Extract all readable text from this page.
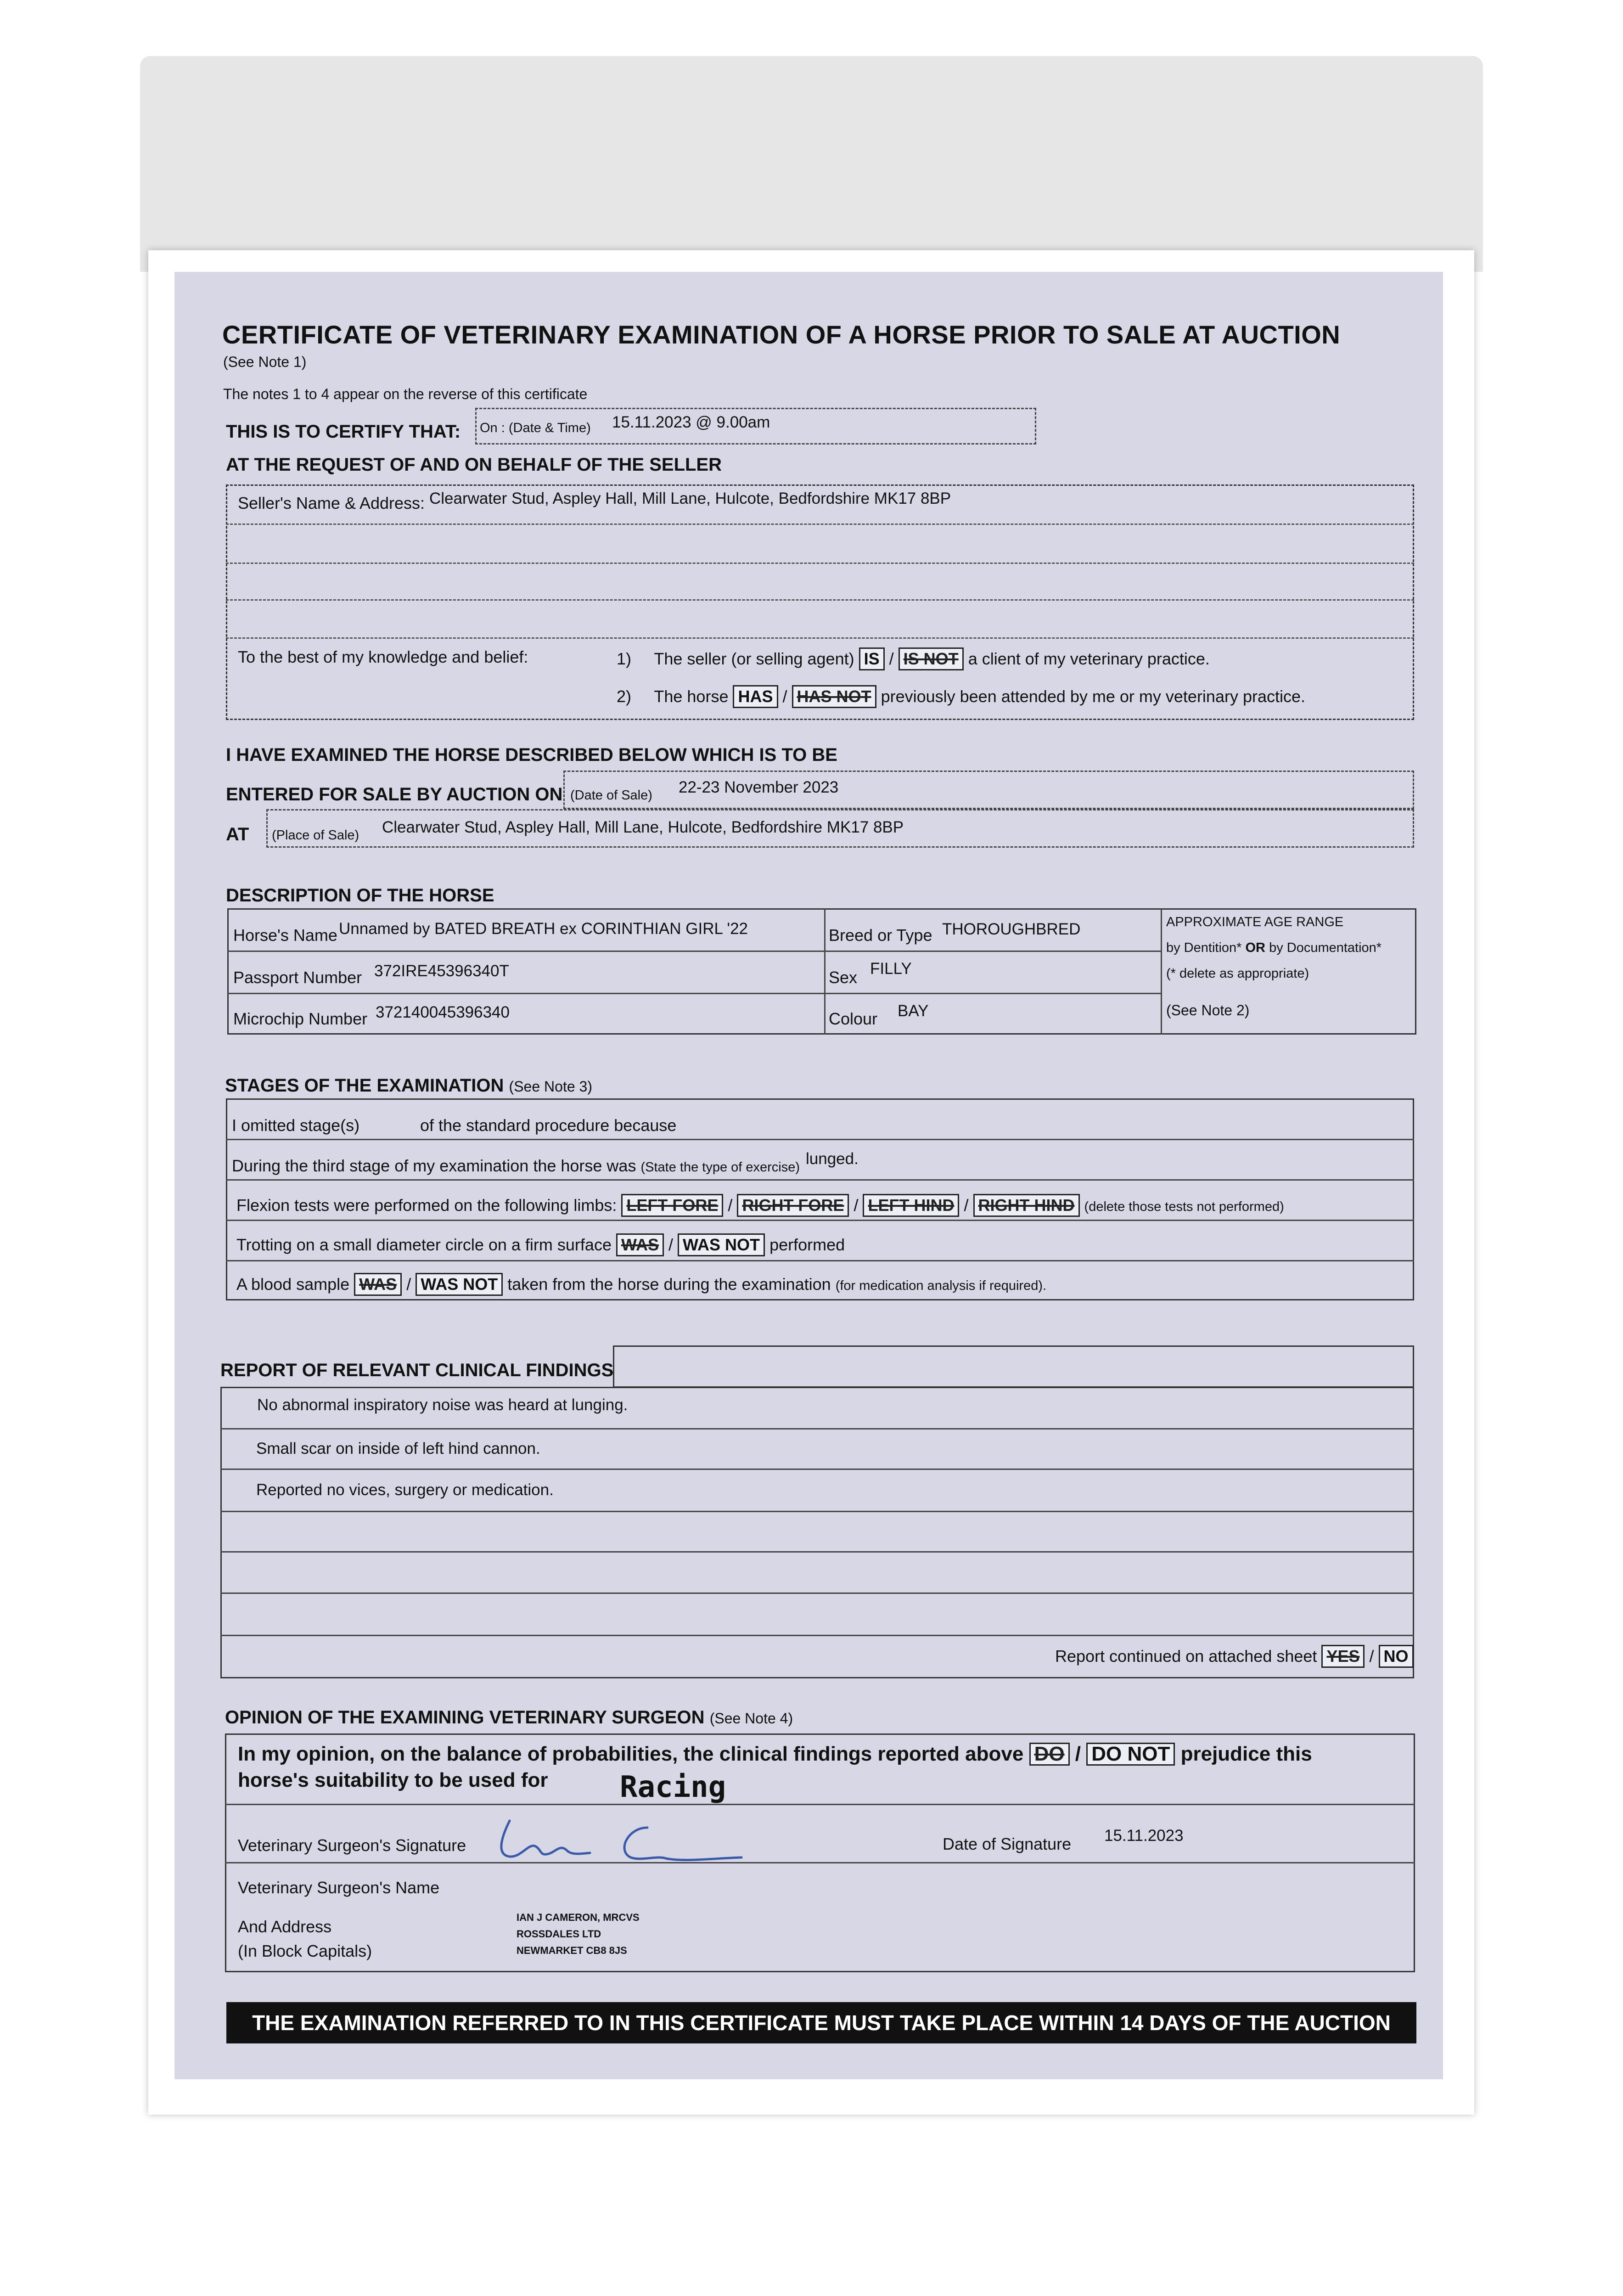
CERTIFICATE OF VETERINARY EXAMINATION OF A HORSE PRIOR TO SALE AT AUCTION
(See Note 1)
The notes 1 to 4 appear on the reverse of this certificate
THIS IS TO CERTIFY THAT: On : (Date & Time) 15.11.2023 @ 9.00am
AT THE REQUEST OF AND ON BEHALF OF THE SELLER
Seller's Name & Address: Clearwater Stud, Aspley Hall, Mill Lane, Hulcote, Bedfordshire MK17 8BP
To the best of my knowledge and belief:	1) The seller (or selling agent) IS / IS NOT a client of my veterinary practice.
2) The horse HAS / HAS NOT previously been attended by me or my veterinary practice.
I HAVE EXAMINED THE HORSE DESCRIBED BELOW WHICH IS TO BE
ENTERED FOR SALE BY AUCTION ON (Date of Sale) 22-23 November 2023
AT (Place of Sale) Clearwater Stud, Aspley Hall, Mill Lane, Hulcote, Bedfordshire MK17 8BP
DESCRIPTION OF THE HORSE
Horse's Name Unnamed by BATED BREATH ex CORINTHIAN GIRL '22	Breed or Type THOROUGHBRED
Passport Number 372IRE45396340T	Sex FILLY
Microchip Number 372140045396340	Colour BAY
APPROXIMATE AGE RANGE
by Dentition* OR by Documentation*
(* delete as appropriate)
(See Note 2)
STAGES OF THE EXAMINATION (See Note 3)
I omitted stage(s)	of the standard procedure because
During the third stage of my examination the horse was (State the type of exercise) lunged.
Flexion tests were performed on the following limbs: LEFT FORE / RIGHT FORE / LEFT HIND / RIGHT HIND (delete those tests not performed)
Trotting on a small diameter circle on a firm surface WAS / WAS NOT performed
A blood sample WAS / WAS NOT taken from the horse during the examination (for medication analysis if required).
REPORT OF RELEVANT CLINICAL FINDINGS
No abnormal inspiratory noise was heard at lunging.
Small scar on inside of left hind cannon.
Reported no vices, surgery or medication.
Report continued on attached sheet YES / NO
OPINION OF THE EXAMINING VETERINARY SURGEON (See Note 4)
In my opinion, on the balance of probabilities, the clinical findings reported above DO / DO NOT prejudice this
horse's suitability to be used for Racing
Veterinary Surgeon's Signature	Date of Signature 15.11.2023
Veterinary Surgeon's Name
And Address
(In Block Capitals)
IAN J CAMERON, MRCVS
ROSSDALES LTD
NEWMARKET CB8 8JS
THE EXAMINATION REFERRED TO IN THIS CERTIFICATE MUST TAKE PLACE WITHIN 14 DAYS OF THE AUCTION
